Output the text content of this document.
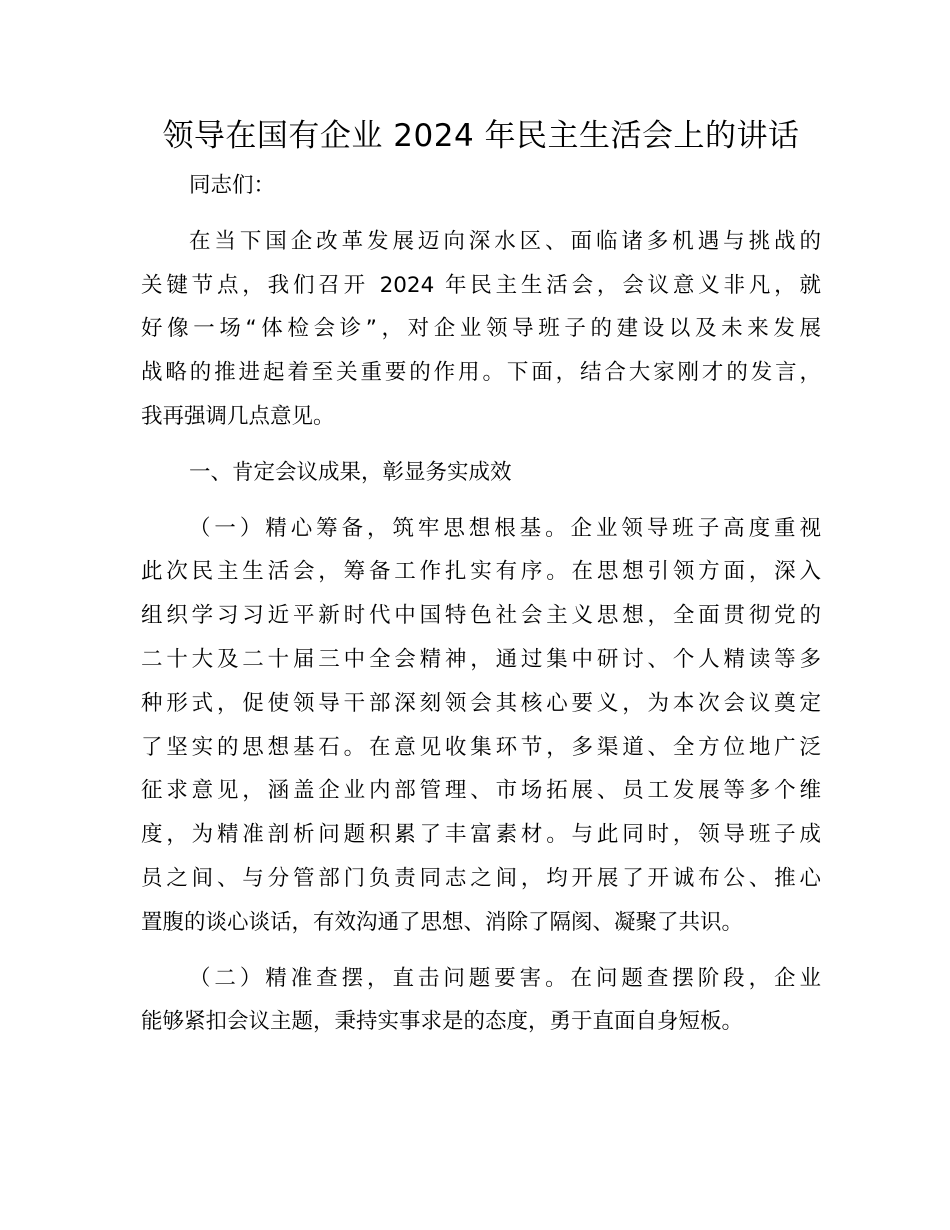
领导在国有企业 2024 年民主生活会上的讲话
同志们：
在当下国企改革发展迈向深水区、面临诸多机遇与挑战的
关键节点，我们召开 2024 年民主生活会，会议意义非凡，就
好像一场“体检会诊”，对企业领导班子的建设以及未来发展
战略的推进起着至关重要的作用。下面，结合大家刚才的发言，
我再强调几点意见。
一、肯定会议成果，彰显务实成效
（一）精心筹备，筑牢思想根基。企业领导班子高度重视
此次民主生活会，筹备工作扎实有序。在思想引领方面，深入
组织学习习近平新时代中国特色社会主义思想，全面贯彻党的
二十大及二十届三中全会精神，通过集中研讨、个人精读等多
种形式，促使领导干部深刻领会其核心要义，为本次会议奠定
了坚实的思想基石。在意见收集环节，多渠道、全方位地广泛
征求意见，涵盖企业内部管理、市场拓展、员工发展等多个维
度，为精准剖析问题积累了丰富素材。与此同时，领导班子成
员之间、与分管部门负责同志之间，均开展了开诚布公、推心
置腹的谈心谈话，有效沟通了思想、消除了隔阂、凝聚了共识。
（二）精准查摆，直击问题要害。在问题查摆阶段，企业
能够紧扣会议主题，秉持实事求是的态度，勇于直面自身短板。
